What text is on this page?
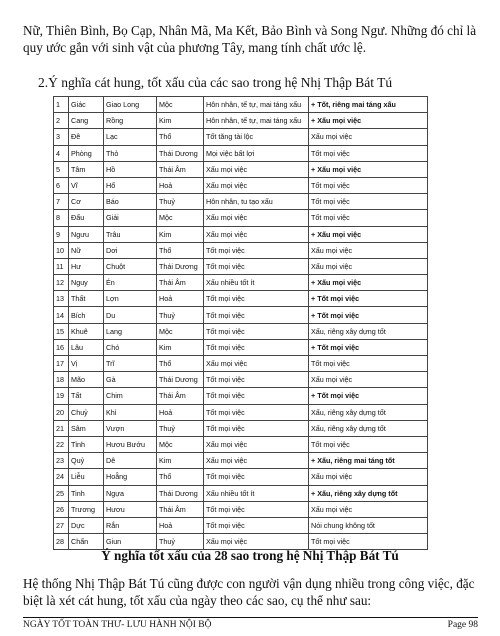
Nữ, Thiên Bình, Bọ Cạp, Nhân Mã, Ma Kết, Bảo Bình và Song Ngư. Những đó chỉ là quy ước gắn với sinh vật của phương Tây, mang tính chất ước lệ.
2.Ý nghĩa cát hung, tốt xấu của các sao trong hệ Nhị Thập Bát Tú
1	Giác	Giao Long	Mộc	Hôn nhân, tế tự, mai táng xấu	+ Tốt, riêng mai táng xấu
2	Cang	Rồng	Kim	Hôn nhân, tế tự, mai táng xấu	+ Xấu mọi việc
3	Đê	Lạc	Thổ	Tốt tăng tài lộc	Xấu mọi việc
4	Phòng	Thỏ	Thái Dương	Mọi việc bất lợi	Tốt mọi việc
5	Tâm	Hồ	Thái Âm	Xấu mọi việc	+ Xấu mọi việc
6	Vĩ	Hổ	Hoả	Xấu mọi việc	Tốt mọi việc
7	Cơ	Báo	Thuỷ	Hôn nhân, tu tạo xấu	Tốt mọi việc
8	Đẩu	Giải	Mộc	Xấu mọi việc	Tốt mọi việc
9	Ngưu	Trâu	Kim	Xấu mọi việc	+ Xấu mọi việc
10	Nữ	Dơi	Thổ	Tốt mọi việc	Xấu mọi việc
11	Hư	Chuột	Thái Dương	Tốt mọi việc	Xấu mọi việc
12	Nguy	Én	Thái Âm	Xấu nhiều tốt ít	+ Xấu mọi việc
13	Thất	Lợn	Hoả	Tốt mọi việc	+ Tốt mọi việc
14	Bích	Du	Thuỷ	Tốt mọi việc	+ Tốt mọi việc
15	Khuê	Lang	Mộc	Tốt mọi việc	Xấu, riêng xây dựng tốt
16	Lâu	Chó	Kim	Tốt mọi việc	+ Tốt mọi việc
17	Vị	Trĩ	Thổ	Xấu mọi việc	Tốt mọi việc
18	Mão	Gà	Thái Dương	Tốt mọi việc	Xấu mọi việc
19	Tất	Chim	Thái Âm	Tốt mọi việc	+ Tốt mọi việc
20	Chuỷ	Khỉ	Hoả	Tốt mọi việc	Xấu, riêng xây dựng tốt
21	Sâm	Vượn	Thuỷ	Tốt mọi việc	Xấu, riêng xây dựng tốt
22	Tỉnh	Hươu Bướu	Mộc	Xấu mọi việc	Tốt mọi việc
23	Quỷ	Dê	Kim	Xấu mọi việc	+ Xấu, riêng mai táng tốt
24	Liễu	Hoẵng	Thổ	Tốt mọi việc	Xấu mọi việc
25	Tinh	Ngựa	Thái Dương	Xấu nhiều tốt ít	+ Xấu, riêng xây dựng tốt
26	Trương	Hươu	Thái Âm	Tốt mọi việc	Xấu mọi việc
27	Dực	Rắn	Hoả	Tốt mọi việc	Nói chung không tốt
28	Chẩn	Giun	Thuỷ	Xấu mọi việc	Tốt mọi việc
Ý nghĩa tốt xấu của 28 sao trong hệ Nhị Thập Bát Tú
Hệ thống Nhị Thập Bát Tú cũng được con người vận dụng nhiều trong công việc, đặc biệt là xét cát hung, tốt xấu của ngày theo các sao, cụ thể như sau:
NGÀY TỐT TOÀN THƯ- LƯU HÀNH NỘI BỘ	Page 98
